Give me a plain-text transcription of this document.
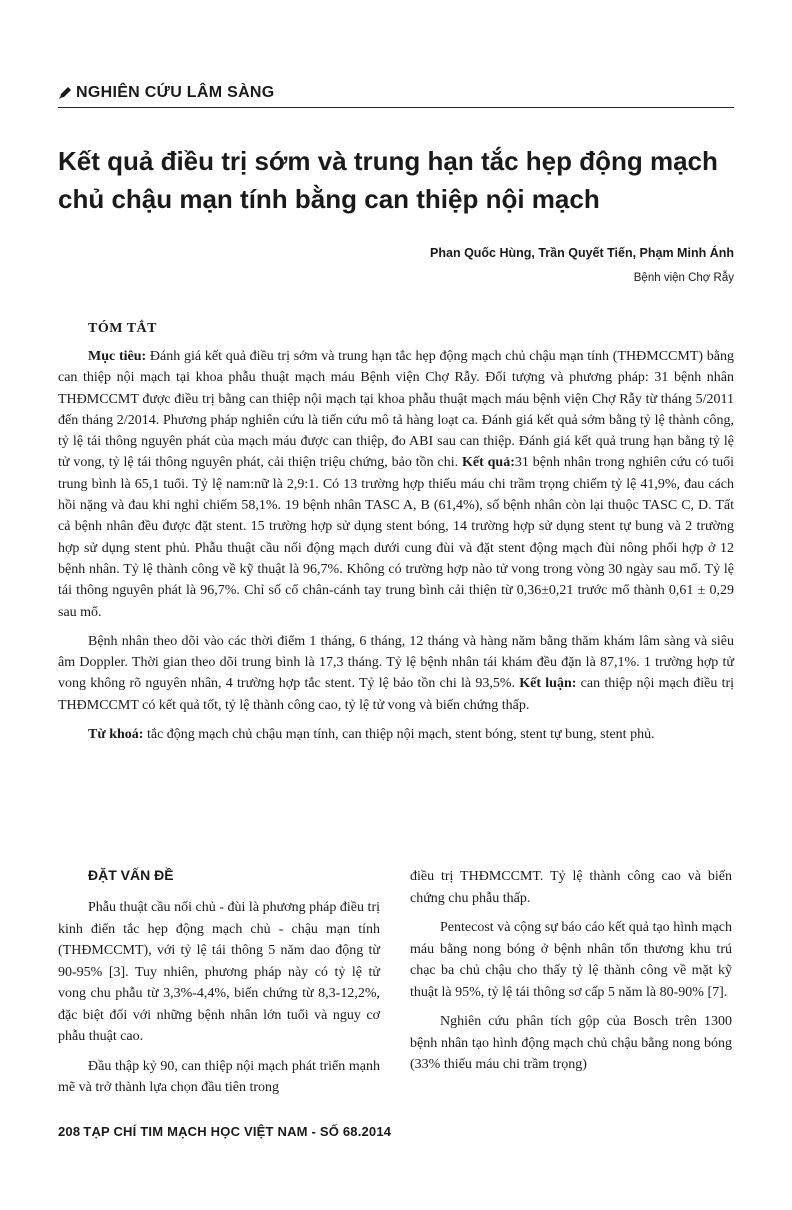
NGHIÊN CỨU LÂM SÀNG
Kết quả điều trị sớm và trung hạn tắc hẹp động mạch chủ chậu mạn tính bằng can thiệp nội mạch
Phan Quốc Hùng, Trần Quyết Tiến, Phạm Minh Ánh
Bệnh viện Chợ Rẫy
TÓM TẮT

Mục tiêu: Đánh giá kết quả điều trị sớm và trung hạn tắc hẹp động mạch chủ chậu mạn tính (THĐMCCMT) bằng can thiệp nội mạch tại khoa phẫu thuật mạch máu Bệnh viện Chợ Rẫy. Đối tượng và phương pháp: 31 bệnh nhân THĐMCCMT được điều trị bằng can thiệp nội mạch tại khoa phẫu thuật mạch máu bệnh viện Chợ Rẫy từ tháng 5/2011 đến tháng 2/2014. Phương pháp nghiên cứu là tiến cứu mô tả hàng loạt ca. Đánh giá kết quả sớm bằng tỷ lệ thành công, tỷ lệ tái thông nguyên phát của mạch máu được can thiệp, đo ABI sau can thiệp. Đánh giá kết quả trung hạn bằng tỷ lệ tử vong, tỷ lệ tái thông nguyên phát, cải thiện triệu chứng, bảo tồn chi. Kết quả:31 bệnh nhân trong nghiên cứu có tuổi trung bình là 65,1 tuổi. Tỷ lệ nam:nữ là 2,9:1. Có 13 trường hợp thiếu máu chi trầm trọng chiếm tỷ lệ 41,9%, đau cách hồi nặng và đau khi nghỉ chiếm 58,1%. 19 bệnh nhân TASC A, B (61,4%), số bệnh nhân còn lại thuộc TASC C, D. Tất cả bệnh nhân đều được đặt stent. 15 trường hợp sử dụng stent bóng, 14 trường hợp sử dụng stent tự bung và 2 trường hợp sử dụng stent phủ. Phẫu thuật cầu nối động mạch dưới cung đùi và đặt stent động mạch đùi nông phối hợp ở 12 bệnh nhân. Tỷ lệ thành công về kỹ thuật là 96,7%. Không có trường hợp nào tử vong trong vòng 30 ngày sau mổ. Tỷ lệ tái thông nguyên phát là 96,7%. Chỉ số cổ chân-cánh tay trung bình cải thiện từ 0,36±0,21 trước mổ thành 0,61 ± 0,29 sau mổ.

Bệnh nhân theo dõi vào các thời điểm 1 tháng, 6 tháng, 12 tháng và hàng năm bằng thăm khám lâm sàng và siêu âm Doppler. Thời gian theo dõi trung bình là 17,3 tháng. Tỷ lệ bệnh nhân tái khám đều đặn là 87,1%. 1 trường hợp tử vong không rõ nguyên nhân, 4 trường hợp tắc stent. Tỷ lệ bảo tồn chi là 93,5%. Kết luận: can thiệp nội mạch điều trị THĐMCCMT có kết quả tốt, tỷ lệ thành công cao, tỷ lệ tử vong và biến chứng thấp.

Từ khoá: tắc động mạch chủ chậu mạn tính, can thiệp nội mạch, stent bóng, stent tự bung, stent phủ.

ĐẶT VẤN ĐỀ

Phẫu thuật cầu nối chủ - đùi là phương pháp điều trị kinh điển tắc hẹp động mạch chủ - chậu mạn tính (THĐMCCMT), với tỷ lệ tái thông 5 năm dao động từ 90-95% [3]. Tuy nhiên, phương pháp này có tỷ lệ tử vong chu phẫu từ 3,3%-4,4%, biến chứng từ 8,3-12,2%, đặc biệt đối với những bệnh nhân lớn tuổi và nguy cơ phẫu thuật cao.

Đầu thập kỷ 90, can thiệp nội mạch phát triển mạnh mẽ và trở thành lựa chọn đầu tiên trong

điều trị THĐMCCMT. Tỷ lệ thành công cao và biến chứng chu phẫu thấp.

Pentecost và cộng sự báo cáo kết quả tạo hình mạch máu bằng nong bóng ở bệnh nhân tổn thương khu trú chạc ba chủ chậu cho thấy tỷ lệ thành công về mặt kỹ thuật là 95%, tỷ lệ tái thông sơ cấp 5 năm là 80-90% [7].

Nghiên cứu phân tích gộp của Bosch trên 1300 bệnh nhân tạo hình động mạch chủ chậu bằng nong bóng (33% thiếu máu chi trầm trọng)

208 TẠP CHÍ TIM MẠCH HỌC VIỆT NAM - SỐ 68.2014
